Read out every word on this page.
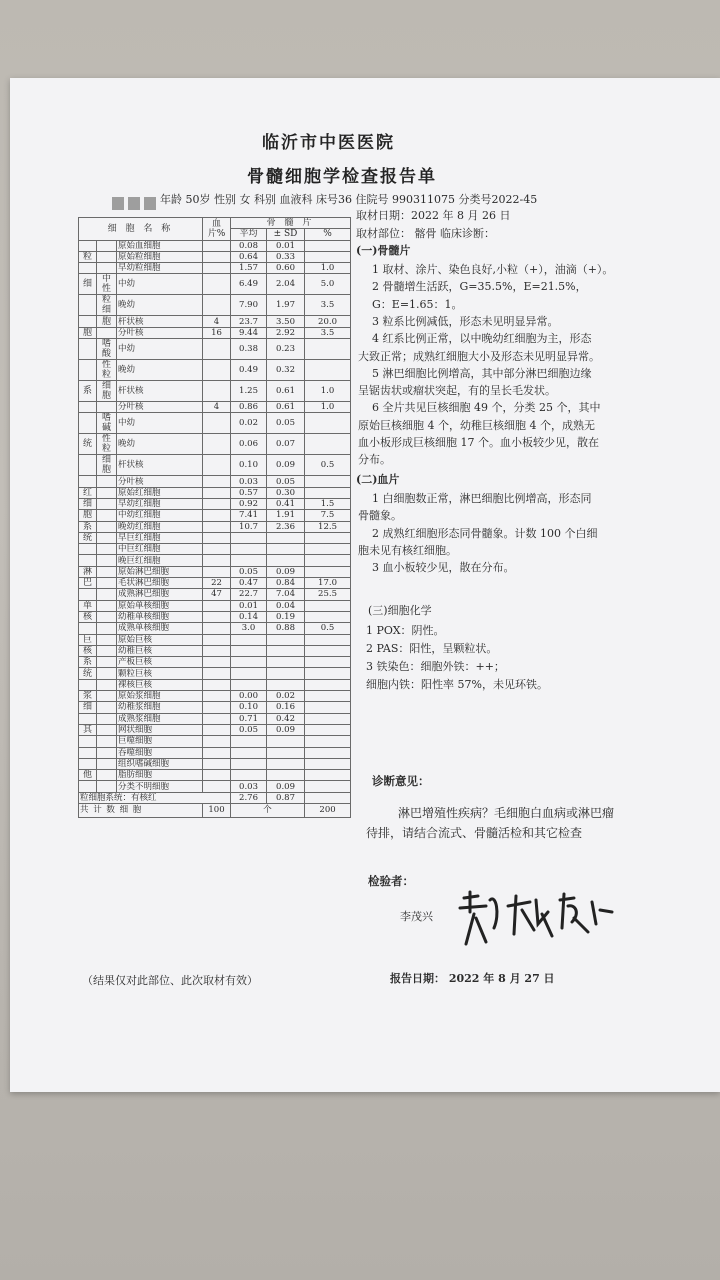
临沂市中医医院
骨髓细胞学检查报告单
年龄 50岁 性别 女 科别 血液科 床号36 住院号 990311075 分类号2022-45
取材日期：2022 年 8 月 26 日
取材部位： 髂骨 临床诊断：
细 胞 名 称			血片%	骨 髓 片		
				平均	± SD	%
		原始血细胞		0.08	0.01	
粒		原始粒细胞		0.64	0.33	
		早幼粒细胞		1.57	0.60	1.0
细	中性	中幼		6.49	2.04	5.0
	粒细	晚幼		7.90	1.97	3.5
	胞	杆状核	4	23.7	3.50	20.0
胞		分叶核	16	9.44	2.92	3.5
	嗜酸	中幼		0.38	0.23	
	性粒	晚幼		0.49	0.32	
系	细胞	杆状核		1.25	0.61	1.0
		分叶核	4	0.86	0.61	1.0
	嗜碱	中幼		0.02	0.05	
统	性粒	晚幼		0.06	0.07	
	细胞	杆状核		0.10	0.09	0.5
		分叶核		0.03	0.05	
红		原始红细胞		0.57	0.30	
细		早幼红细胞		0.92	0.41	1.5
胞		中幼红细胞		7.41	1.91	7.5
系		晚幼红细胞		10.7	2.36	12.5
统		早巨红细胞				
		中巨红细胞				
		晚巨红细胞				
淋		原始淋巴细胞		0.05	0.09	
巴		毛状淋巴细胞	22	0.47	0.84	17.0
		成熟淋巴细胞	47	22.7	7.04	25.5
单		原始单核细胞		0.01	0.04	
核		幼稚单核细胞		0.14	0.19	
		成熟单核细胞		3.0	0.88	0.5
巨		原始巨核				
核		幼稚巨核				
系		产板巨核				
统		颗粒巨核				
		裸核巨核				
浆		原始浆细胞		0.00	0.02	
细		幼稚浆细胞		0.10	0.16	
		成熟浆细胞		0.71	0.42	
其		网状细胞		0.05	0.09	
		巨噬细胞				
		吞噬细胞				
		组织嗜碱细胞				
他		脂肪细胞				
		分类不明细胞		0.03	0.09	
粒细胞系统：有核红				2.76	0.87	
共 计 数 细 胞			100	个		200
(一)骨髓片
1 取材、涂片、染色良好,小粒（+），油滴（+）。
2 骨髓增生活跃，G=35.5%，E=21.5%，
G：E=1.65：1。
3 粒系比例减低，形态未见明显异常。
4 红系比例正常，以中晚幼红细胞为主，形态
大致正常；成熟红细胞大小及形态未见明显异常。
5 淋巴细胞比例增高，其中部分淋巴细胞边缘
呈锯齿状或瘤状突起，有的呈长毛发状。
6 全片共见巨核细胞 49 个，分类 25 个，其中
原始巨核细胞 4 个，幼稚巨核细胞 4 个，成熟无
血小板形成巨核细胞 17 个。血小板较少见，散在
分布。
(二)血片
1 白细胞数正常，淋巴细胞比例增高，形态同
骨髓象。
2 成熟红细胞形态同骨髓象。计数 100 个白细
胞未见有核红细胞。
3 血小板较少见，散在分布。
(三)细胞化学
1 POX：阴性。
2 PAS：阳性，呈颗粒状。
3 铁染色：细胞外铁：++；
细胞内铁：阳性率 57%，未见环铁。
诊断意见：
淋巴增殖性疾病？毛细胞白血病或淋巴瘤
待排，请结合流式、骨髓活检和其它检查
检验者：
李茂兴
（结果仅对此部位、此次取材有效）	报告日期： 2022 年 8 月 27 日
